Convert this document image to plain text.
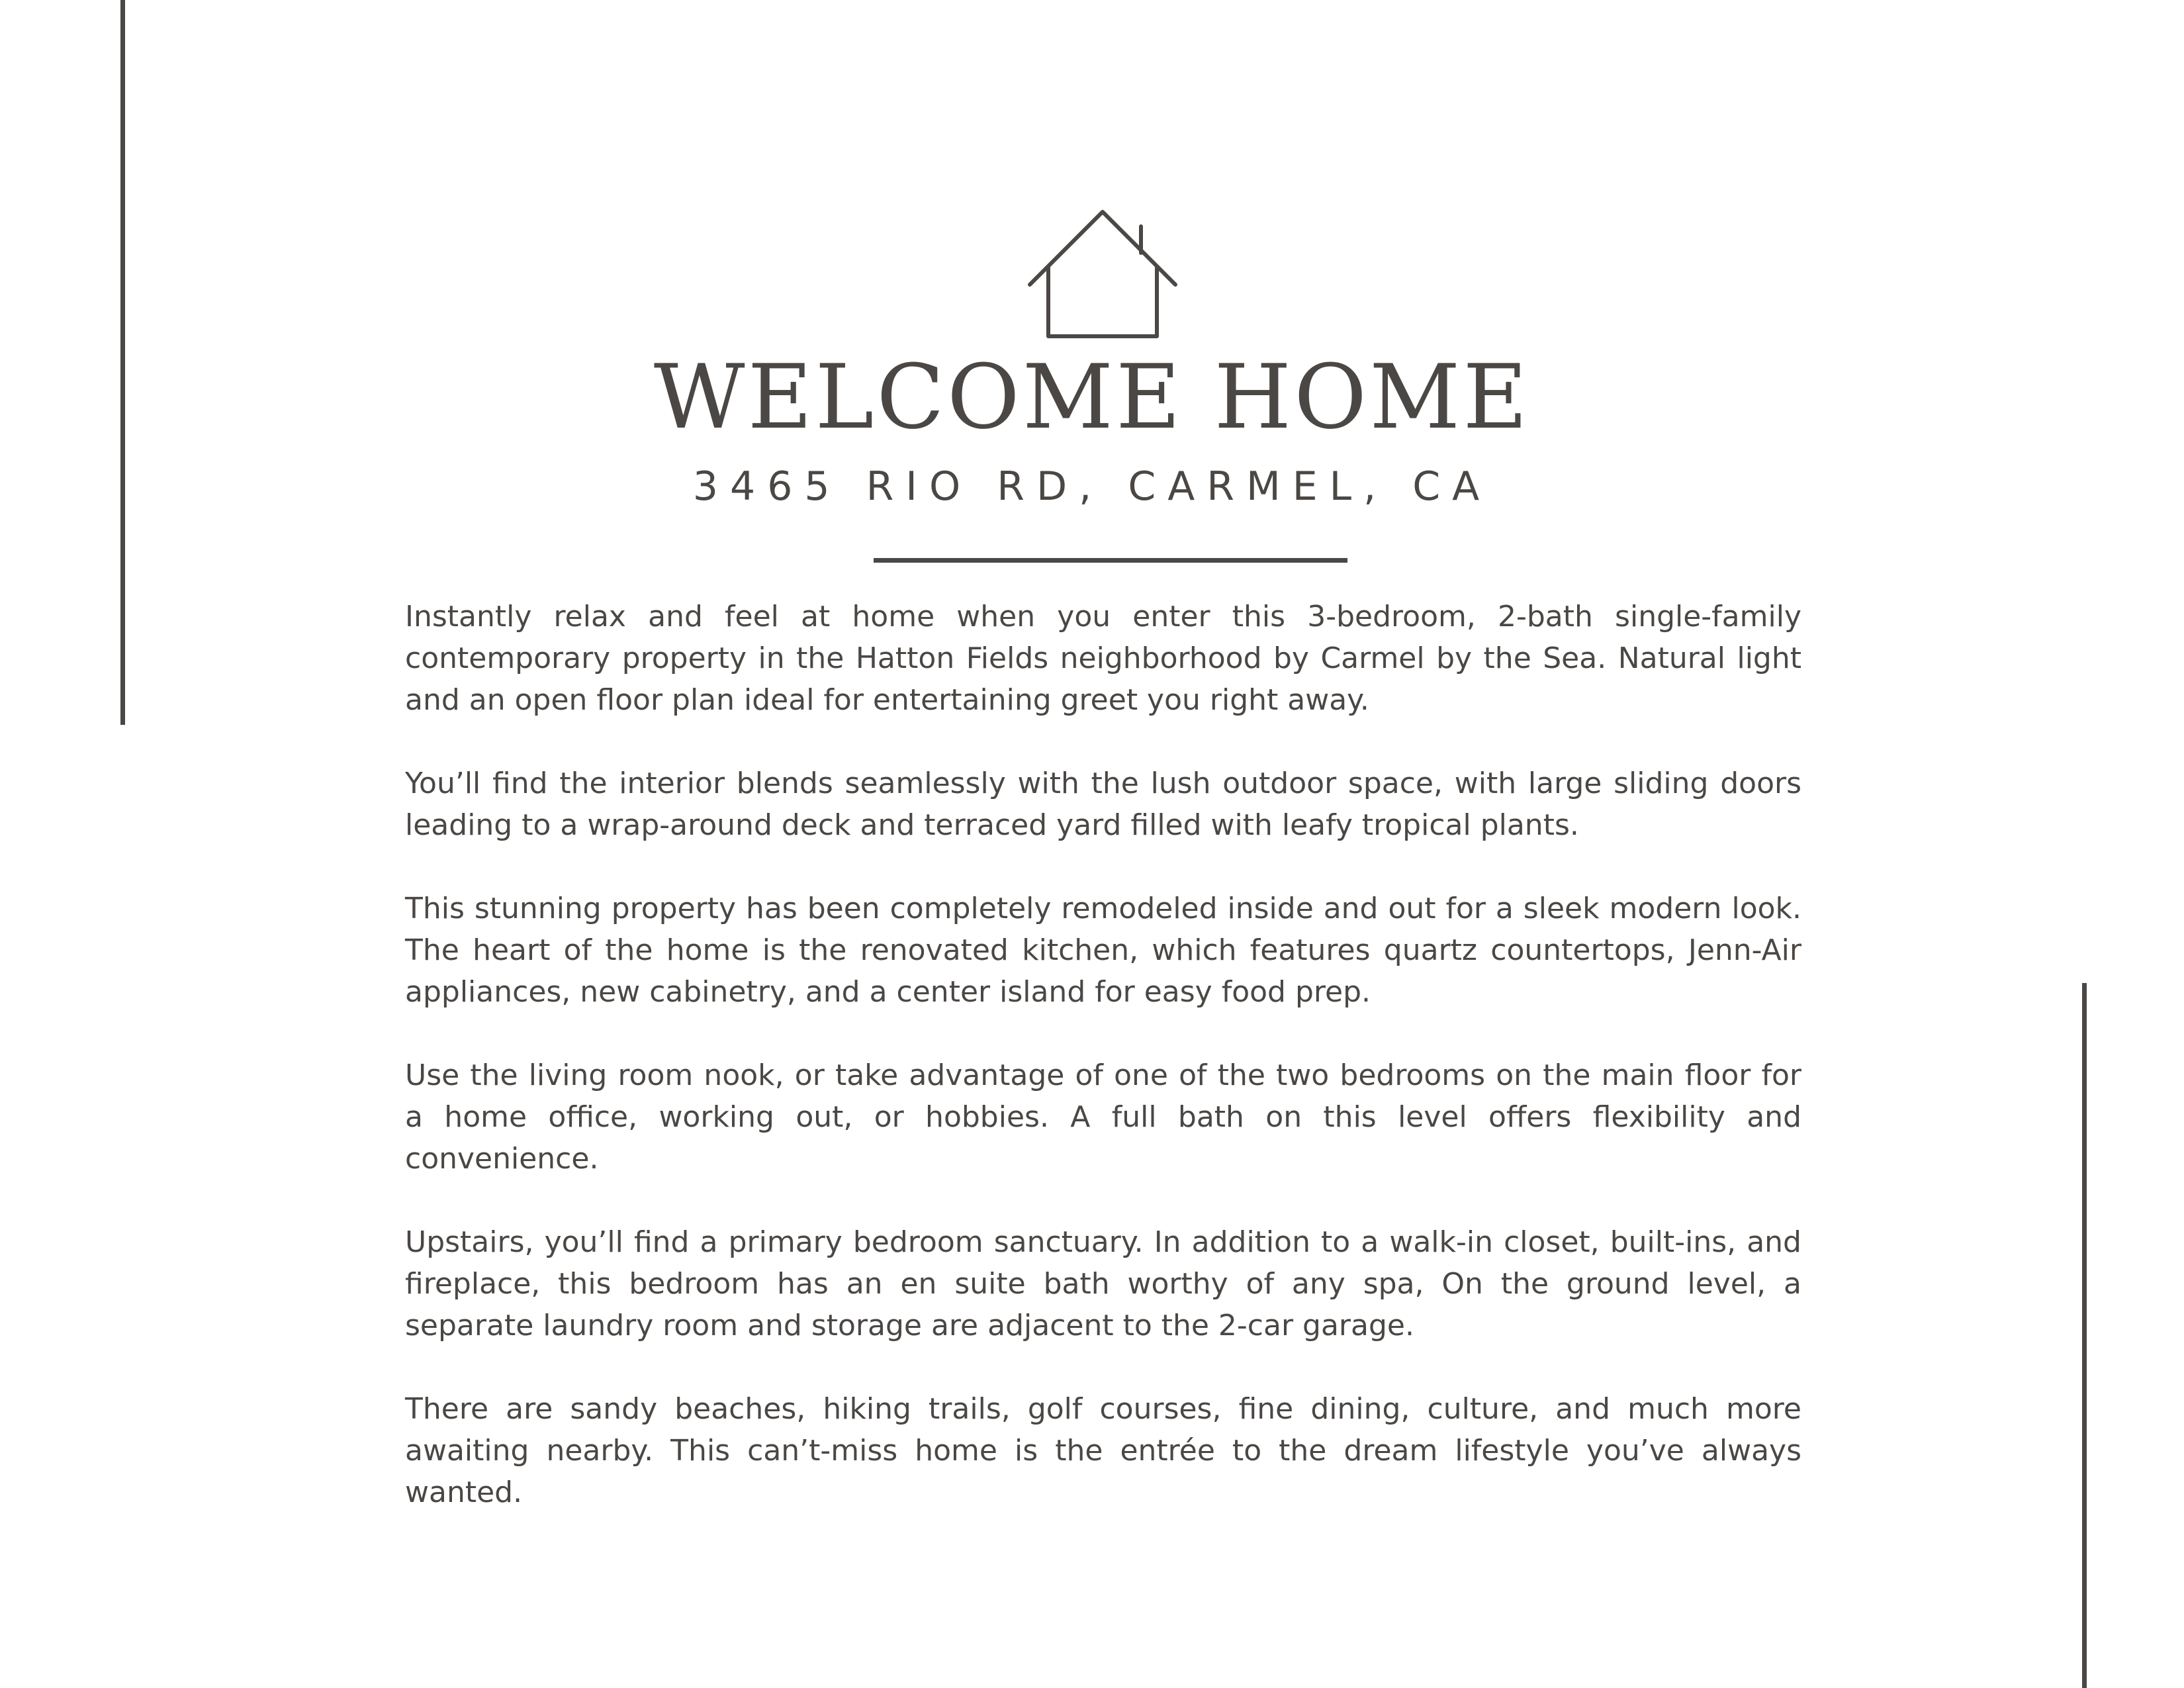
WELCOME HOME
3465 RIO RD, CARMEL, CA

Instantly relax and feel at home when you enter this 3-bedroom, 2-bath single-family contemporary property in the Hatton Fields neighborhood by Carmel by the Sea. Natural light and an open floor plan ideal for entertaining greet you right away.

You’ll find the interior blends seamlessly with the lush outdoor space, with large sliding doors leading to a wrap-around deck and terraced yard filled with leafy tropical plants.

This stunning property has been completely remodeled inside and out for a sleek modern look. The heart of the home is the renovated kitchen, which features quartz countertops, Jenn-Air appliances, new cabinetry, and a center island for easy food prep.

Use the living room nook, or take advantage of one of the two bedrooms on the main floor for a home office, working out, or hobbies. A full bath on this level offers flexibility and convenience.

Upstairs, you’ll find a primary bedroom sanctuary. In addition to a walk-in closet, built-ins, and fireplace, this bedroom has an en suite bath worthy of any spa, On the ground level, a separate laundry room and storage are adjacent to the 2-car garage.

There are sandy beaches, hiking trails, golf courses, fine dining, culture, and much more awaiting nearby. This can’t-miss home is the entrée to the dream lifestyle you’ve always wanted.
